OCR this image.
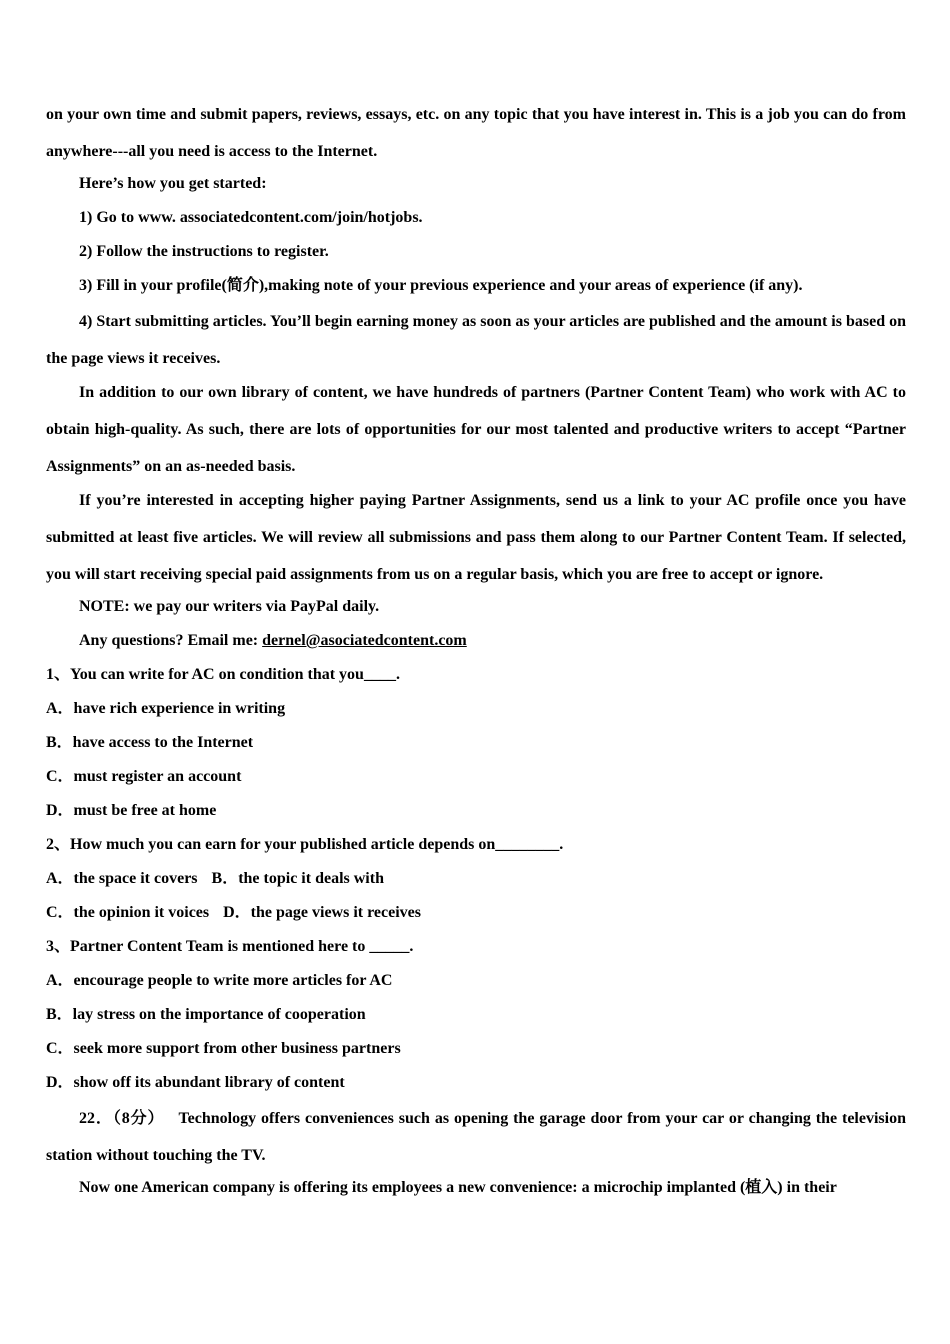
on your own time and submit papers, reviews, essays, etc. on any topic that you have interest in. This is a job you can do from anywhere---all you need is access to the Internet.

Here’s how you get started:

1) Go to www. associatedcontent.com/join/hotjobs.

2) Follow the instructions to register.

3) Fill in your profile(简介),making note of your previous experience and your areas of experience (if any).

4) Start submitting articles. You’ll begin earning money as soon as your articles are published and the amount is based on the page views it receives.

In addition to our own library of content, we have hundreds of partners (Partner Content Team) who work with AC to obtain high-quality. As such, there are lots of opportunities for our most talented and productive writers to accept “Partner Assignments” on an as-needed basis.

If you’re interested in accepting higher paying Partner Assignments, send us a link to your AC profile once you have submitted at least five articles. We will review all submissions and pass them along to our Partner Content Team. If selected, you will start receiving special paid assignments from us on a regular basis, which you are free to accept or ignore.

NOTE: we pay our writers via PayPal daily.

Any questions? Email me: dernel@asociatedcontent.com

1、You can write for AC on condition that you____.

A．have rich experience in writing

B．have access to the Internet

C．must register an account

D．must be free at home

2、How much you can earn for your published article depends on________.

A．the space it covers B．the topic it deals with

C．the opinion it voices D．the page views it receives

3、Partner Content Team is mentioned here to _____.

A．encourage people to write more articles for AC

B．lay stress on the importance of cooperation

C．seek more support from other business partners

D．show off its abundant library of content

22．（8分） Technology offers conveniences such as opening the garage door from your car or changing the television station without touching the TV.

Now one American company is offering its employees a new convenience: a microchip implanted (植入) in their
